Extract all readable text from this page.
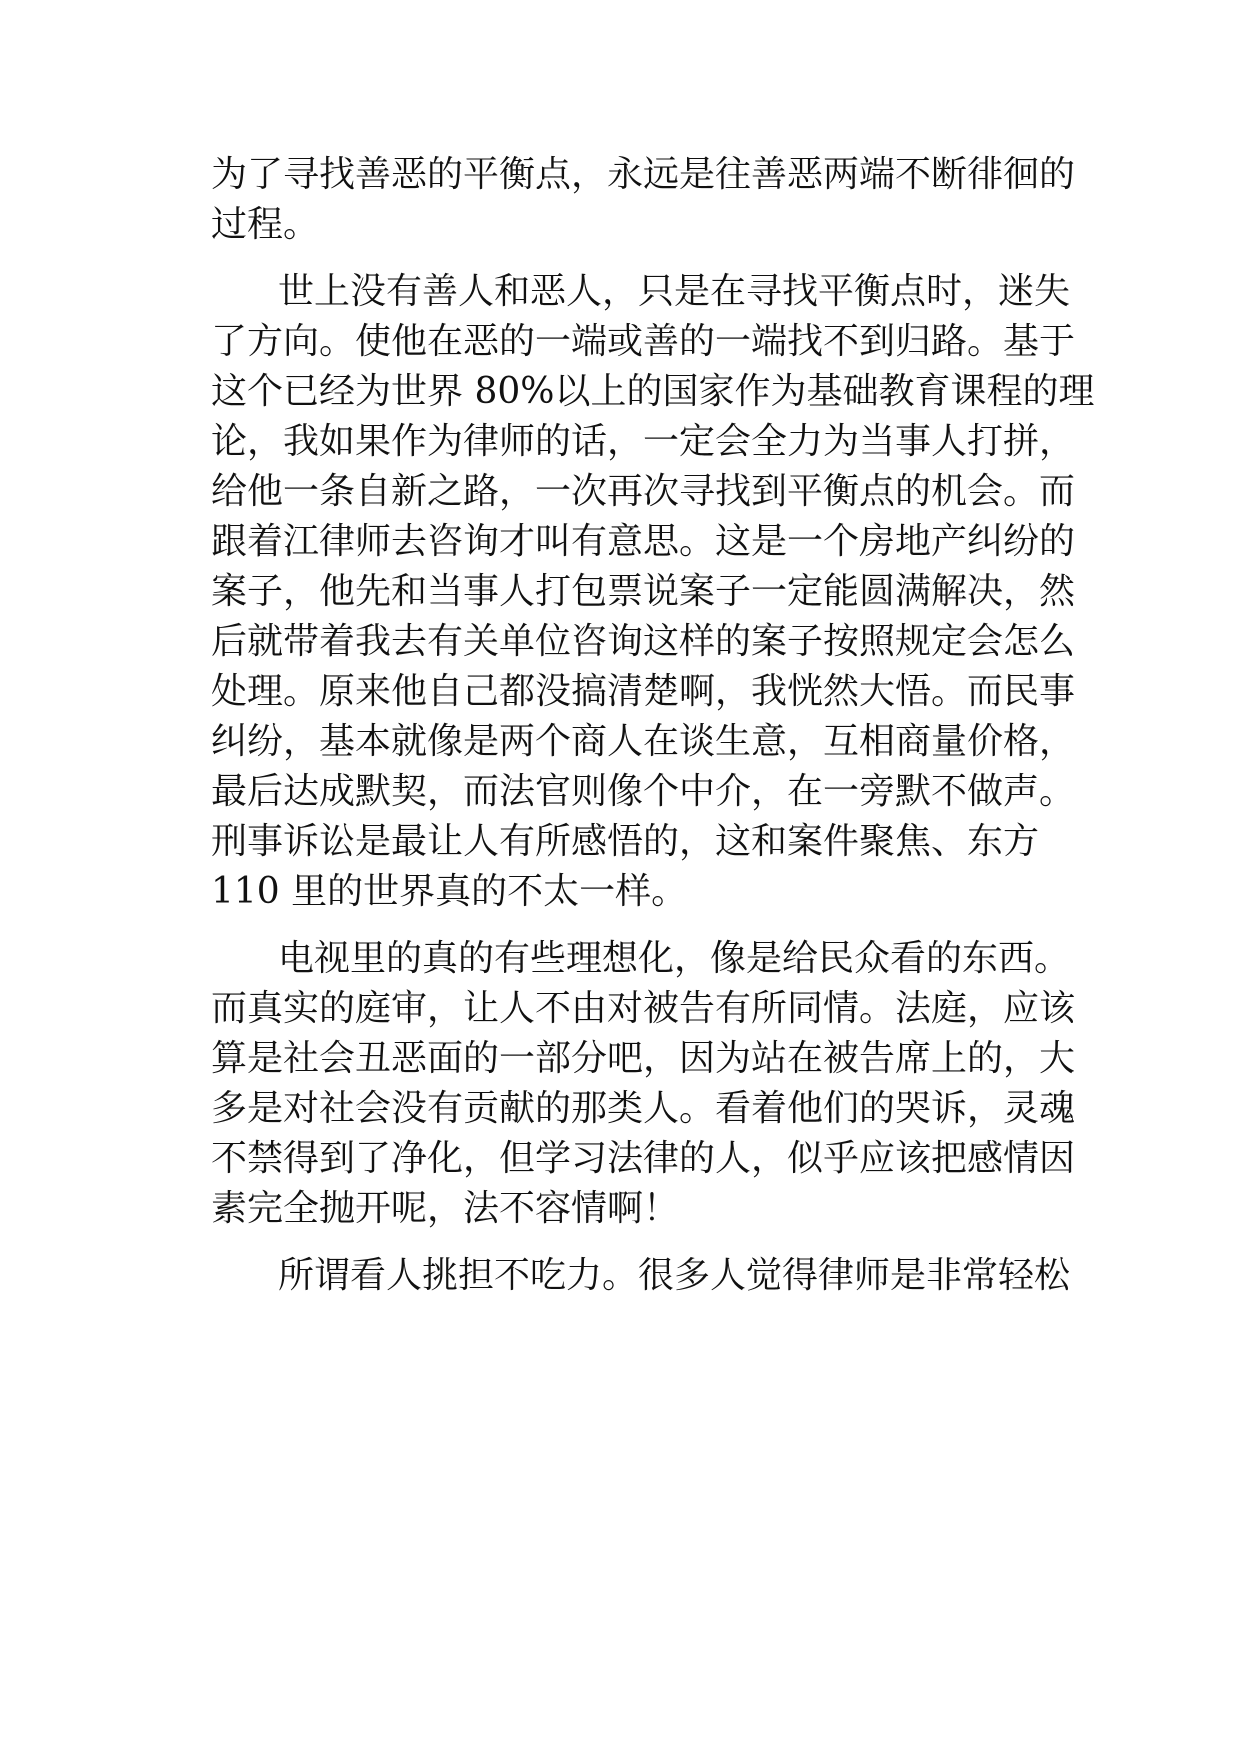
为了寻找善恶的平衡点，永远是往善恶两端不断徘徊的
过程。
世上没有善人和恶人，只是在寻找平衡点时，迷失
了方向。使他在恶的一端或善的一端找不到归路。基于
这个已经为世界 80%以上的国家作为基础教育课程的理
论，我如果作为律师的话，一定会全力为当事人打拼，
给他一条自新之路，一次再次寻找到平衡点的机会。而
跟着江律师去咨询才叫有意思。这是一个房地产纠纷的
案子，他先和当事人打包票说案子一定能圆满解决，然
后就带着我去有关单位咨询这样的案子按照规定会怎么
处理。原来他自己都没搞清楚啊，我恍然大悟。而民事
纠纷，基本就像是两个商人在谈生意，互相商量价格，
最后达成默契，而法官则像个中介，在一旁默不做声。
刑事诉讼是最让人有所感悟的，这和案件聚焦、东方
110 里的世界真的不太一样。
电视里的真的有些理想化，像是给民众看的东西。
而真实的庭审，让人不由对被告有所同情。法庭，应该
算是社会丑恶面的一部分吧，因为站在被告席上的，大
多是对社会没有贡献的那类人。看着他们的哭诉，灵魂
不禁得到了净化，但学习法律的人，似乎应该把感情因
素完全抛开呢，法不容情啊！
所谓看人挑担不吃力。很多人觉得律师是非常轻松
